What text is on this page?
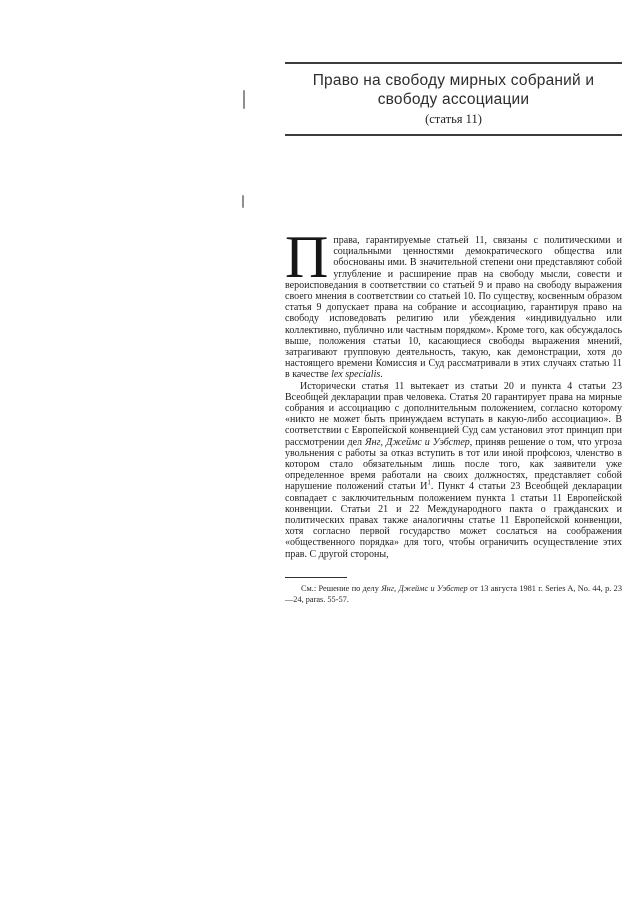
Право на свободу мирных собраний и
свободу ассоциации
(статья 11)

Пправа, гарантируемые статьей 11, связаны с политическими и социальными ценностями демократического общества или обоснованы ими. В значительной степени они представляют собой углубление и расширение прав на свободу мысли, совести и вероисповедания в соответствии со статьей 9 и право на свободу выражения своего мнения в соответствии со статьей 10. По существу, косвенным образом статья 9 допускает права на собрание и ассоциацию, гарантируя право на свободу исповедовать религию или убеждения «индивидуально или коллективно, публично или частным порядком». Кроме того, как обсуждалось выше, положения статьи 10, касающиеся свободы выражения мнений, затрагивают групповую деятельность, такую, как демонстрации, хотя до настоящего времени Комиссия и Суд рассматривали в этих случаях статью 11 в качестве lex specialis.

Исторически статья 11 вытекает из статьи 20 и пункта 4 статьи 23 Всеобщей декларации прав человека. Статья 20 гарантирует права на мирные собрания и ассоциацию с дополнительным положением, согласно которому «никто не может быть принуждаем вступать в какую-либо ассоциацию». В соответствии с Европейской конвенцией Суд сам установил этот принцип при рассмотрении дел Янг, Джеймс и Уэбстер, приняв решение о том, что угроза увольнения с работы за отказ вступить в тот или иной профсоюз, членство в котором стало обязательным лишь после того, как заявители уже определенное время работали на своих должностях, представляет собой нарушение положений статьи И$^1$. Пункт 4 статьи 23 Всеобщей декларации совпадает с заключительным положением пункта 1 статьи 11 Европейской конвенции. Статьи 21 и 22 Международного пакта о гражданских и политических правах также аналогичны статье 11 Европейской конвенции, хотя согласно первой государство может сослаться на соображения «общественного порядка» для того, чтобы ограничить осуществление этих прав. С другой стороны,

См.: Решение по делу Янг, Джеймс и Уэбстер от 13 августа 1981 г. Series A, No. 44, p. 23—24, paras. 55-57.
